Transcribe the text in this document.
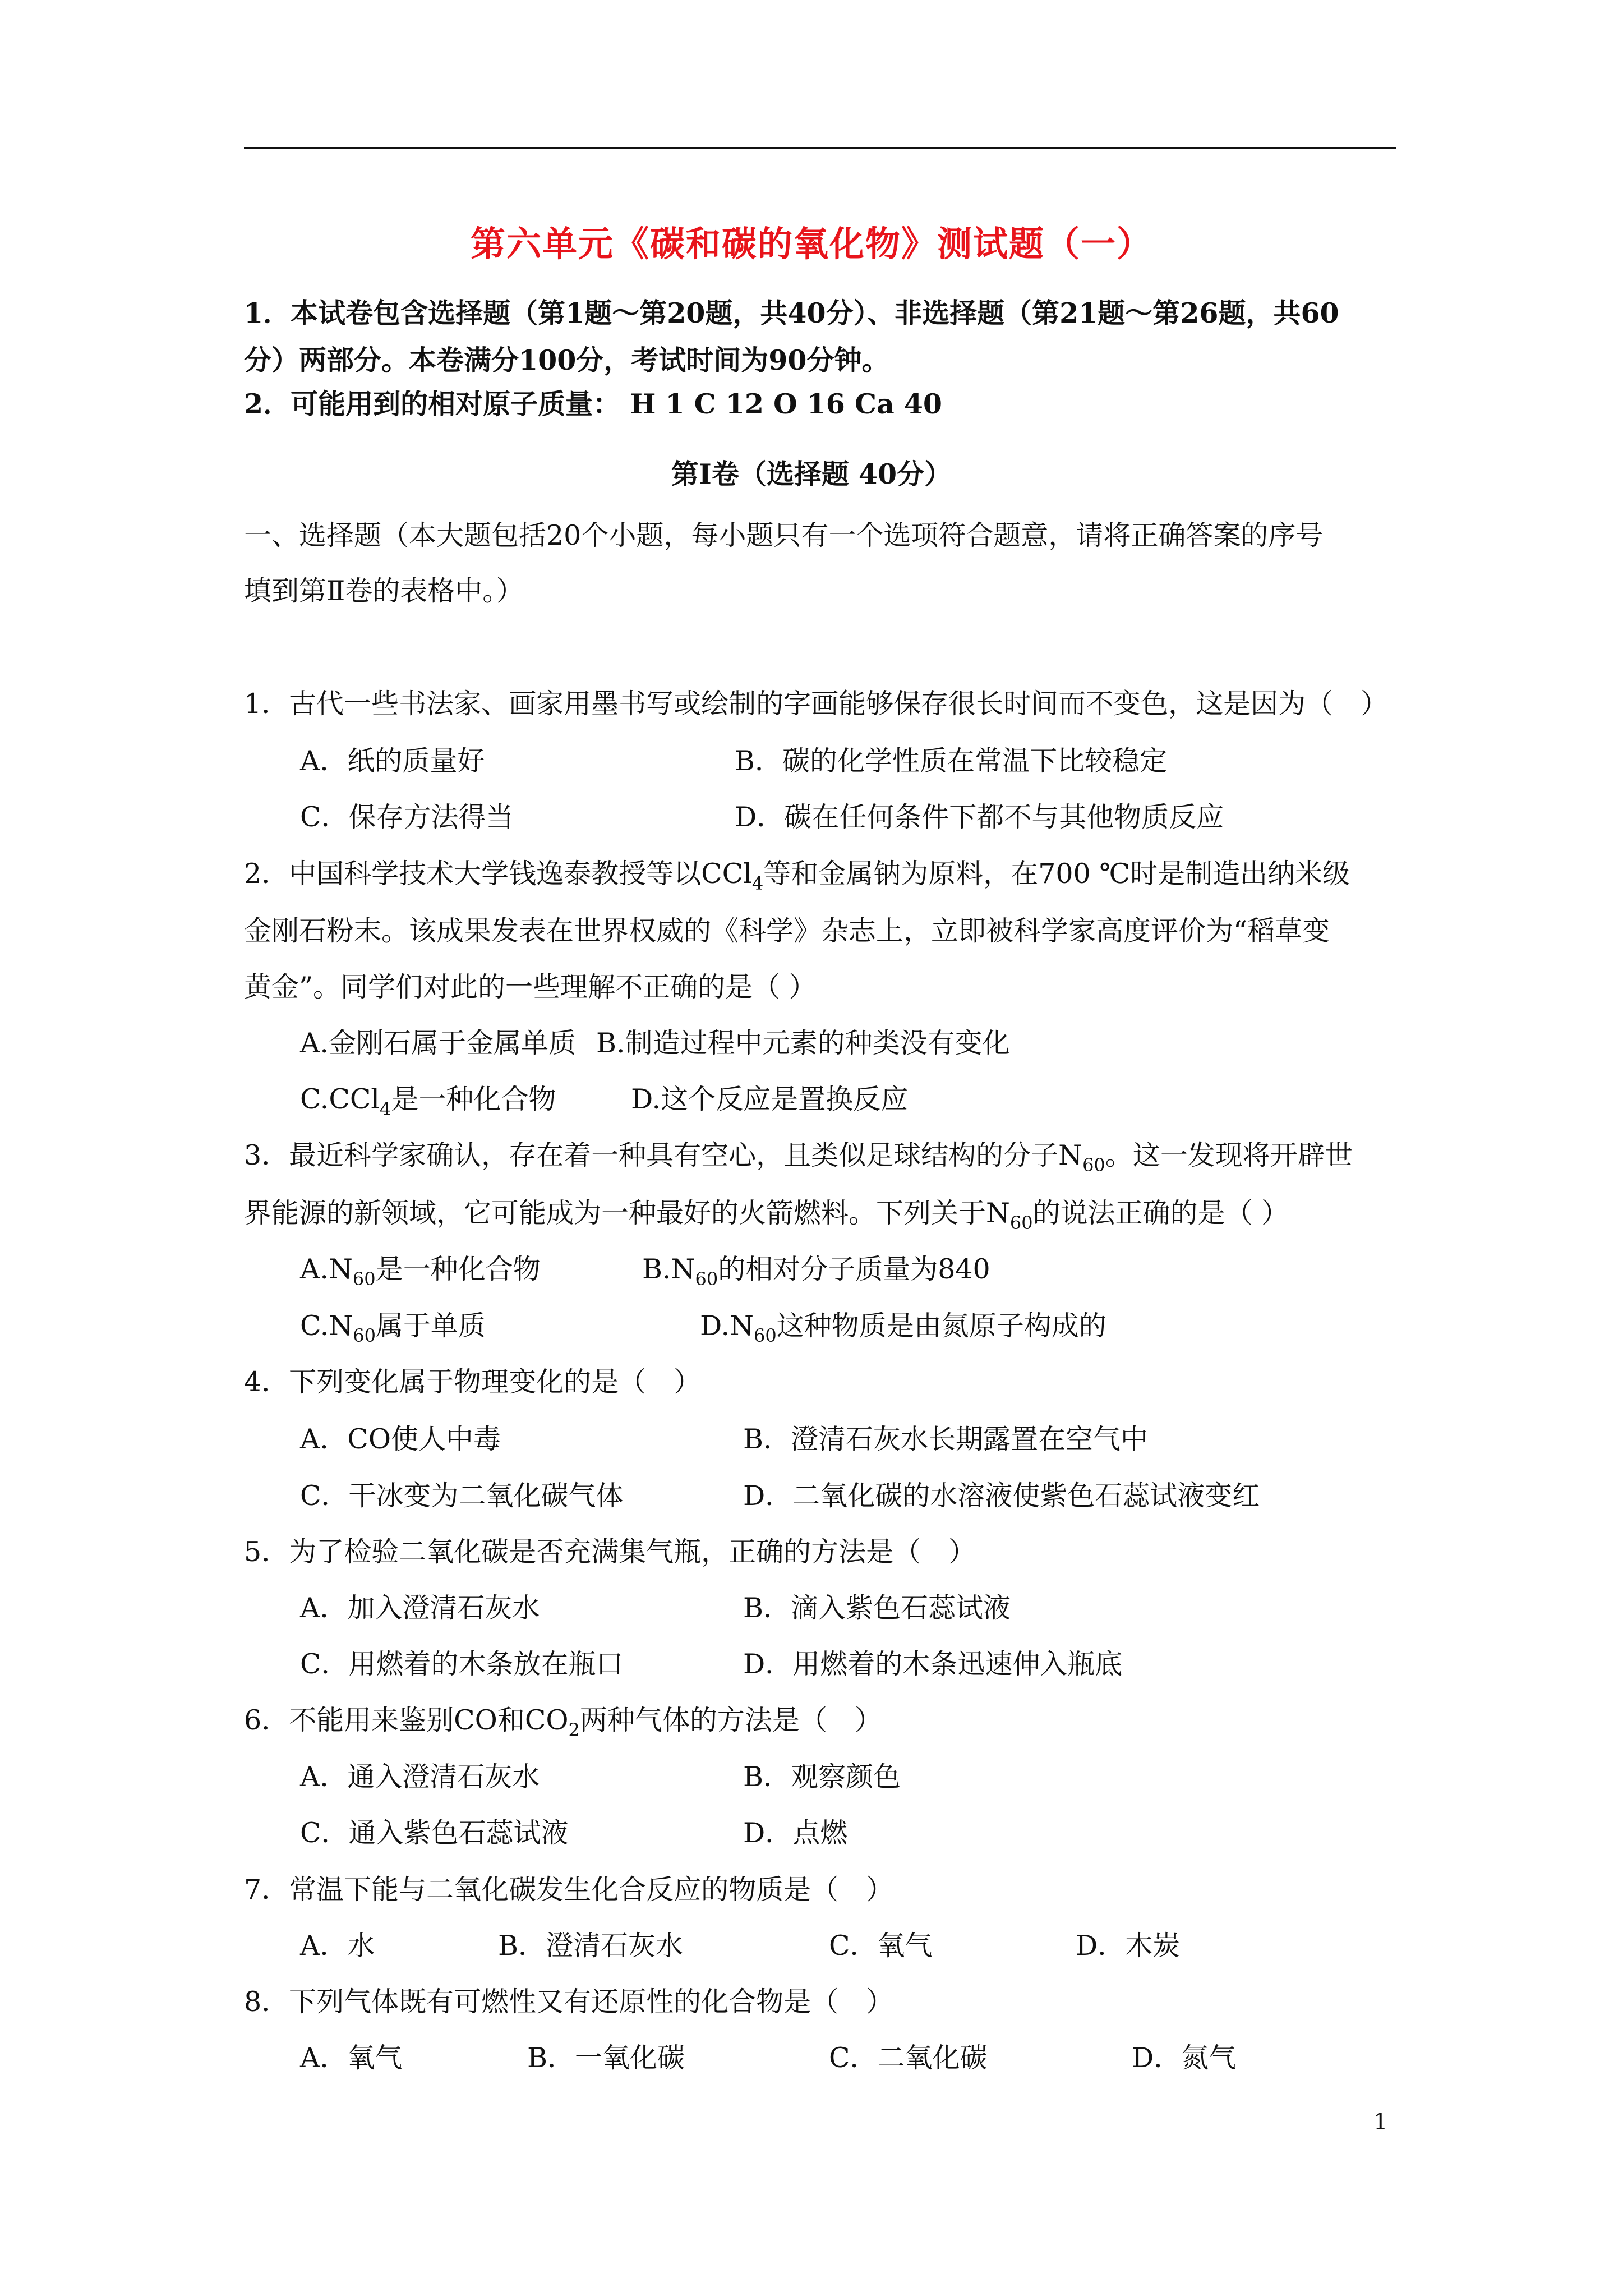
第六单元《碳和碳的氧化物》测试题（一）
1．本试卷包含选择题（第1题～第20题，共40分）、非选择题（第21题～第26题，共60
分）两部分。本卷满分100分，考试时间为90分钟。
2．可能用到的相对原子质量： H 1 C 12 O 16 Ca 40
第Ⅰ卷（选择题 40分）
一、选择题（本大题包括20个小题，每小题只有一个选项符合题意，请将正确答案的序号
填到第Ⅱ卷的表格中。）
1．古代一些书法家、画家用墨书写或绘制的字画能够保存很长时间而不变色，这是因为（　）
A．纸的质量好	B．碳的化学性质在常温下比较稳定
C．保存方法得当	D．碳在任何条件下都不与其他物质反应
2．中国科学技术大学钱逸泰教授等以CCl$_4$等和金属钠为原料，在700 ℃时是制造出纳米级
金刚石粉末。该成果发表在世界权威的《科学》杂志上，立即被科学家高度评价为“稻草变
黄金”。同学们对此的一些理解不正确的是（ ）
A.金刚石属于金属单质 B.制造过程中元素的种类没有变化
C.CCl$_4$是一种化合物	D.这个反应是置换反应
3．最近科学家确认，存在着一种具有空心，且类似足球结构的分子$N_{60}$。这一发现将开辟世
界能源的新领域，它可能成为一种最好的火箭燃料。下列关于$N_{60}$的说法正确的是（ ）
$A.N_{60}$是一种化合物	$B.N_{60}$的相对分子质量为840
$C.N_{60}$属于单质	$D.N_{60}$这种物质是由氮原子构成的
4．下列变化属于物理变化的是（　）
A．CO使人中毒	B．澄清石灰水长期露置在空气中
C．干冰变为二氧化碳气体	D．二氧化碳的水溶液使紫色石蕊试液变红
5．为了检验二氧化碳是否充满集气瓶，正确的方法是（　）
A．加入澄清石灰水	B．滴入紫色石蕊试液
C．用燃着的木条放在瓶口	D．用燃着的木条迅速伸入瓶底
6．不能用来鉴别CO和$CO_2$两种气体的方法是（　）
A．通入澄清石灰水	B．观察颜色
C．通入紫色石蕊试液	D．点燃
7．常温下能与二氧化碳发生化合反应的物质是（　）
A．水	B．澄清石灰水	C．氧气	D．木炭
8．下列气体既有可燃性又有还原性的化合物是（　）
A．氧气	B．一氧化碳	C．二氧化碳	D．氮气
1
